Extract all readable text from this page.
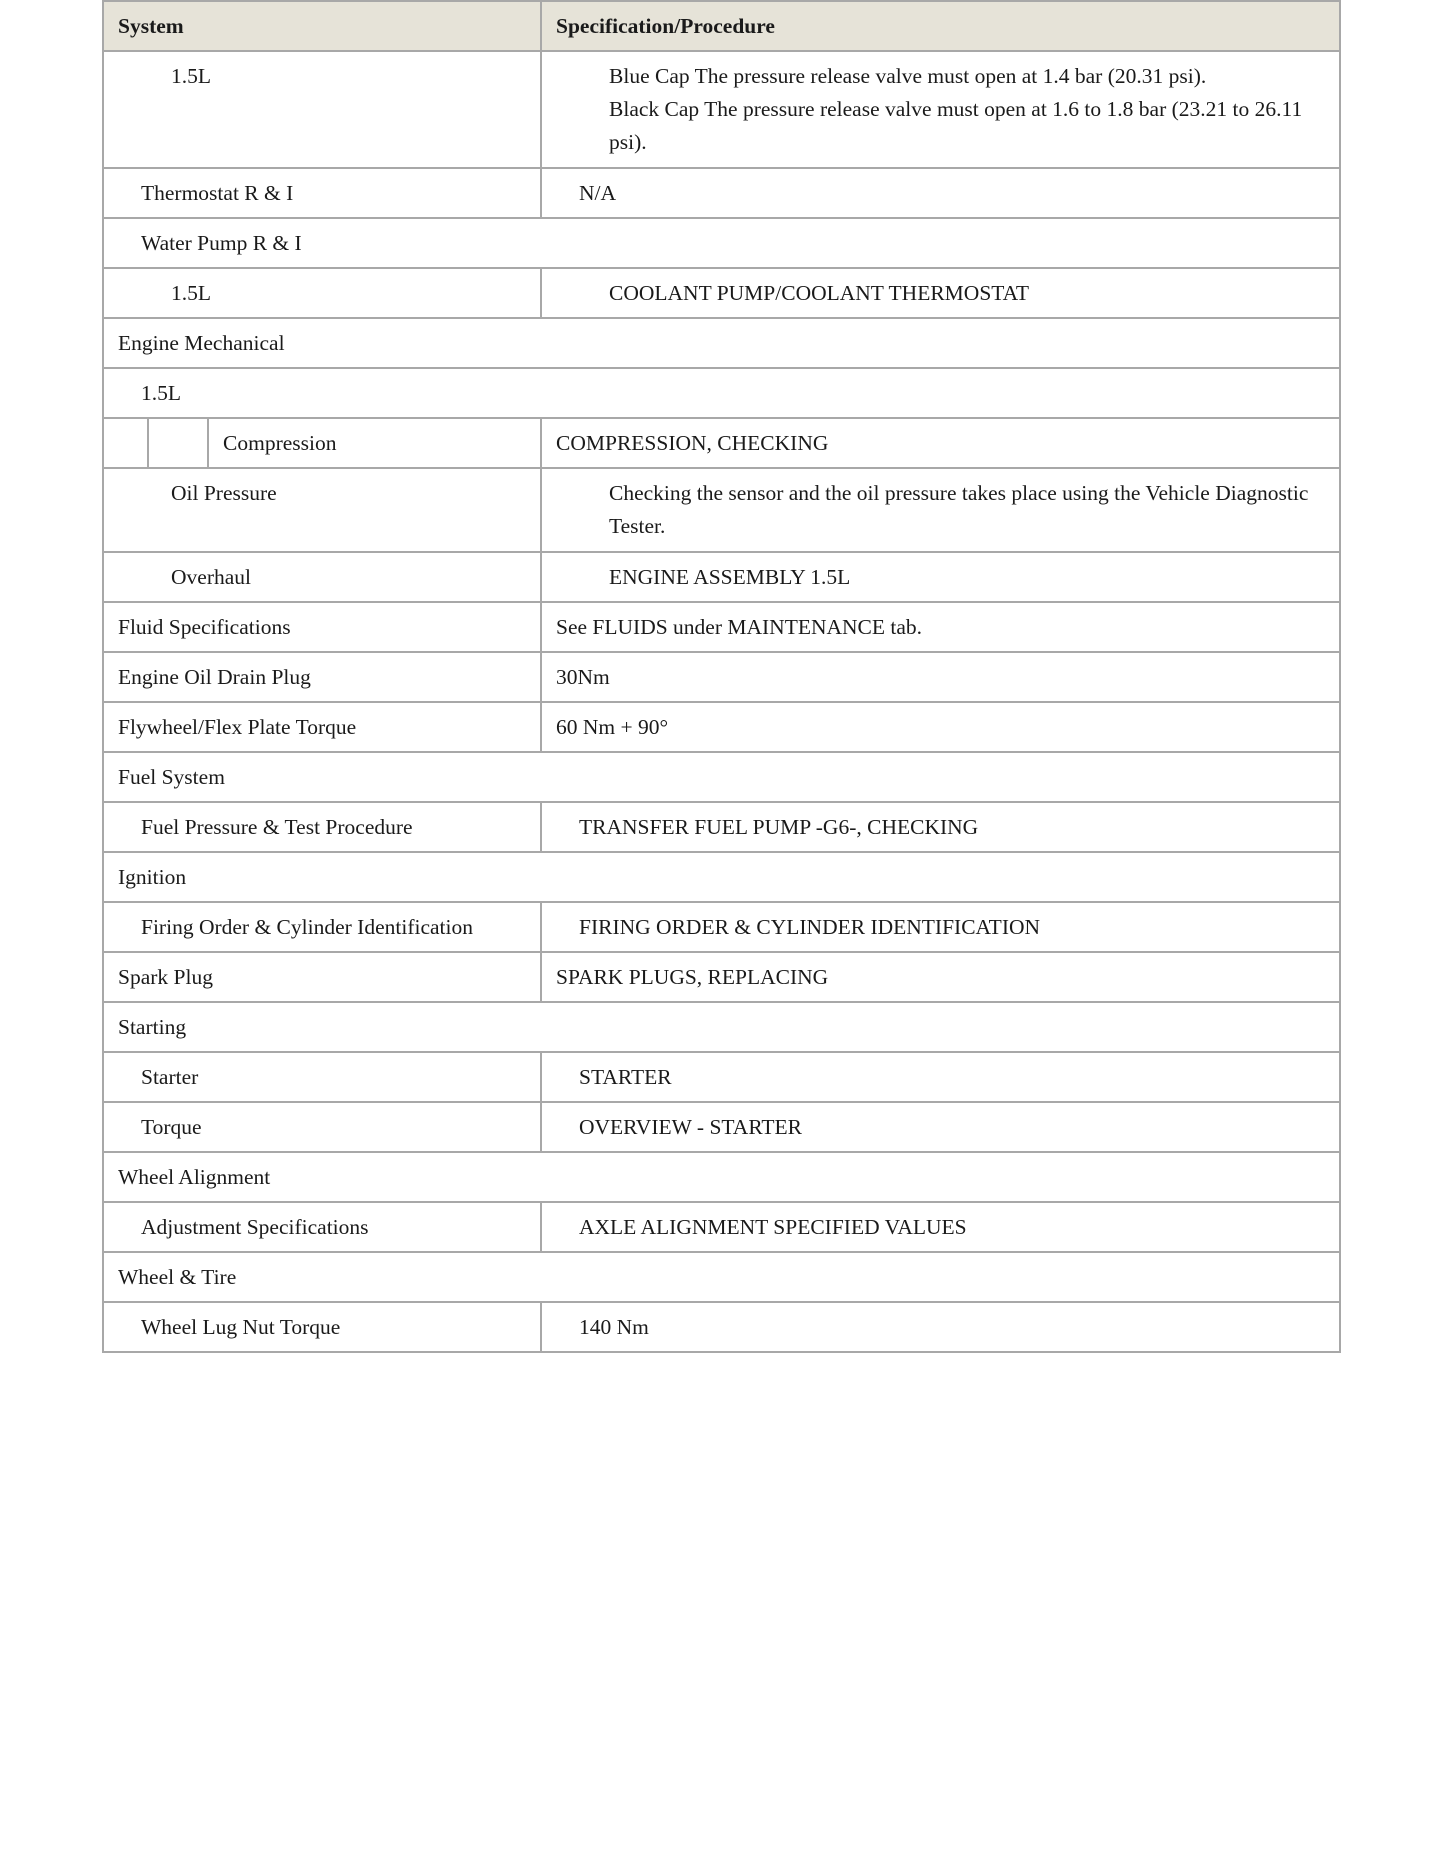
System	Specification/Procedure
1.5L	Blue Cap The pressure release valve must open at 1.4 bar (20.31 psi).
Black Cap The pressure release valve must open at 1.6 to 1.8 bar (23.21 to 26.11 psi).

Thermostat R & I	N/A
Water Pump R & I	
1.5L	COOLANT PUMP/COOLANT THERMOSTAT
Engine Mechanical	
1.5L	

Compression	COMPRESSION, CHECKING
Oil Pressure	Checking the sensor and the oil pressure takes place using the Vehicle Diagnostic Tester.
Overhaul	ENGINE ASSEMBLY 1.5L
Fluid Specifications	See FLUIDS under MAINTENANCE tab.
Engine Oil Drain Plug	30Nm
Flywheel/Flex Plate Torque	60 Nm + 90°
Fuel System	
Fuel Pressure & Test Procedure	TRANSFER FUEL PUMP -G6-, CHECKING
Ignition	
Firing Order & Cylinder Identification	FIRING ORDER & CYLINDER IDENTIFICATION
Spark Plug	SPARK PLUGS, REPLACING
Starting	
Starter	STARTER
Torque	OVERVIEW - STARTER
Wheel Alignment	
Adjustment Specifications	AXLE ALIGNMENT SPECIFIED VALUES
Wheel & Tire	
Wheel Lug Nut Torque	140 Nm
